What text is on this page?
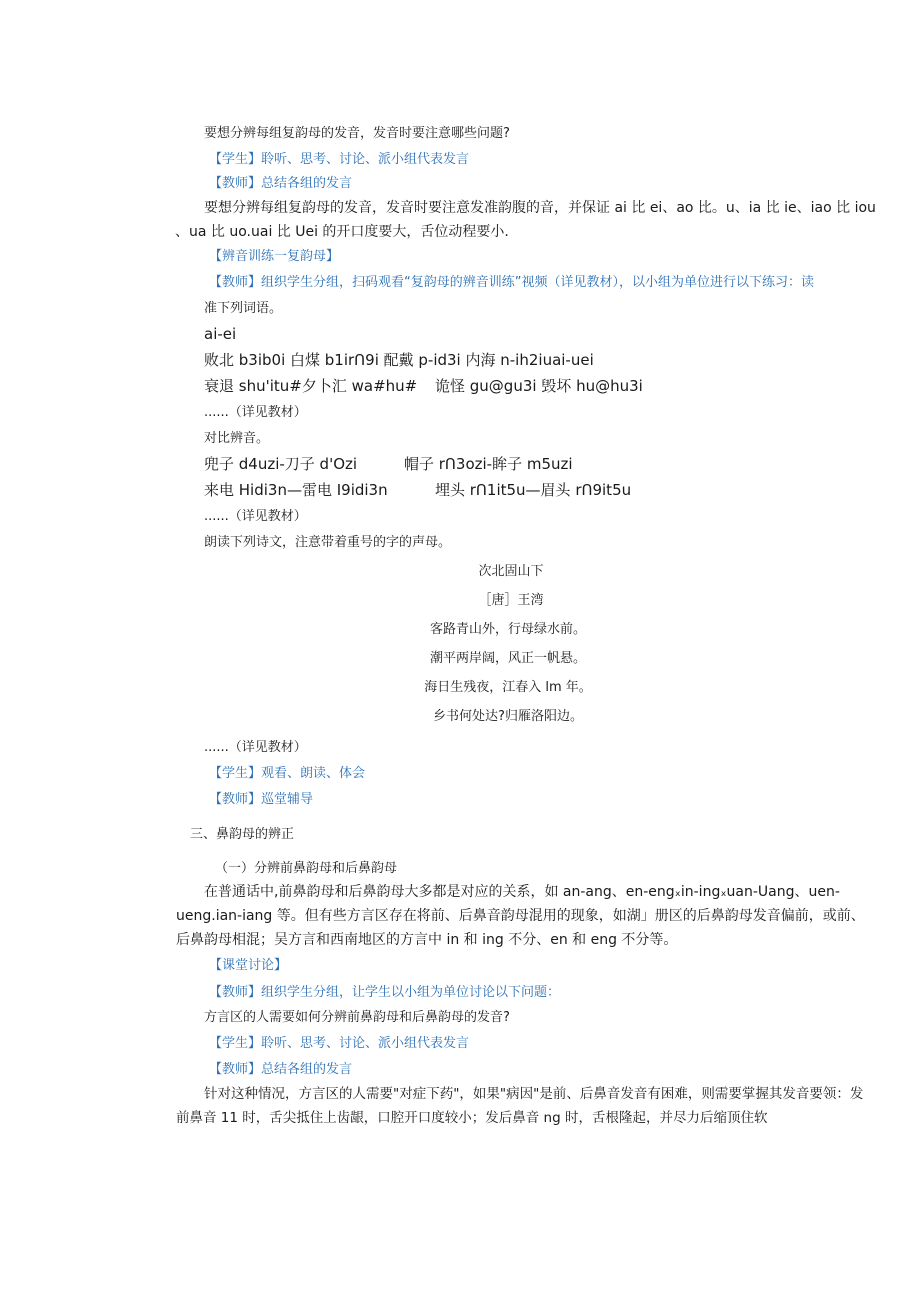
要想分辨每组复韵母的发音，发音时要注意哪些问题?
【学生】聆听、思考、讨论、派小组代表发言
【教师】总结各组的发言
要想分辨每组复韵母的发音，发音时要注意发准韵腹的音，并保证 ai 比 ei、ao 比。u、ia 比 ie、iao 比 iou
、ua 比 uo.uai 比 Uei 的开口度要大，舌位动程要小.
【辨音训练一复韵母】
【教师】组织学生分组，扫码观看“复韵母的辨音训练”视频（详见教材），以小组为单位进行以下练习：读
准下列词语。
ai-ei
败北 b3ib0i 白煤 b1irՈ9i 配戴 p-id3i 内海 n-ih2iuai-uei
衰退 shu'itu#夕卜汇 wa#hu# 诡怪 gu@gu3i 毁坏 hu@hu3i
......（详见教材）
对比辨音。
兜子 d4uzi-刀子 d'Ozi	帽子 rՈ3ozi-眸子 m5uzi
来电 Hidi3n—雷电 I9idi3n	埋头 rՈ1it5u—眉头 rՈ9it5u
......（详见教材）
朗读下列诗文，注意带着重号的字的声母。
次北固山下
［唐］王湾
客路青山外，行母绿水前。
潮平两岸阔，风正一帆悬。
海日生残夜，江春入 lm 年。
乡书何处达?归雁洛阳边。
......（详见教材）
【学生】观看、朗读、体会
【教师】巡堂辅导
三、鼻韵母的辨正
（一）分辨前鼻韵母和后鼻韵母
在普通话中,前鼻韵母和后鼻韵母大多都是对应的关系，如 an-ang、en-engₓin-ingₓuan-Uang、uen-
ueng.ian-iang 等。但有些方言区存在将前、后鼻音韵母混用的现象，如湖」册区的后鼻韵母发音偏前，或前、
后鼻韵母相混；吴方言和西南地区的方言中 in 和 ing 不分、en 和 eng 不分等。
【课堂讨论】
【教师】组织学生分组，让学生以小组为单位讨论以下问题：
方言区的人需要如何分辨前鼻韵母和后鼻韵母的发音?
【学生】聆听、思考、讨论、派小组代表发言
【教师】总结各组的发言
针对这种情况，方言区的人需要"对症下药"，如果"病因"是前、后鼻音发音有困难，则需要掌握其发音要领：发
前鼻音 11 时，舌尖抵住上齿龈，口腔开口度较小；发后鼻音 ng 时，舌根隆起，并尽力后缩顶住软
